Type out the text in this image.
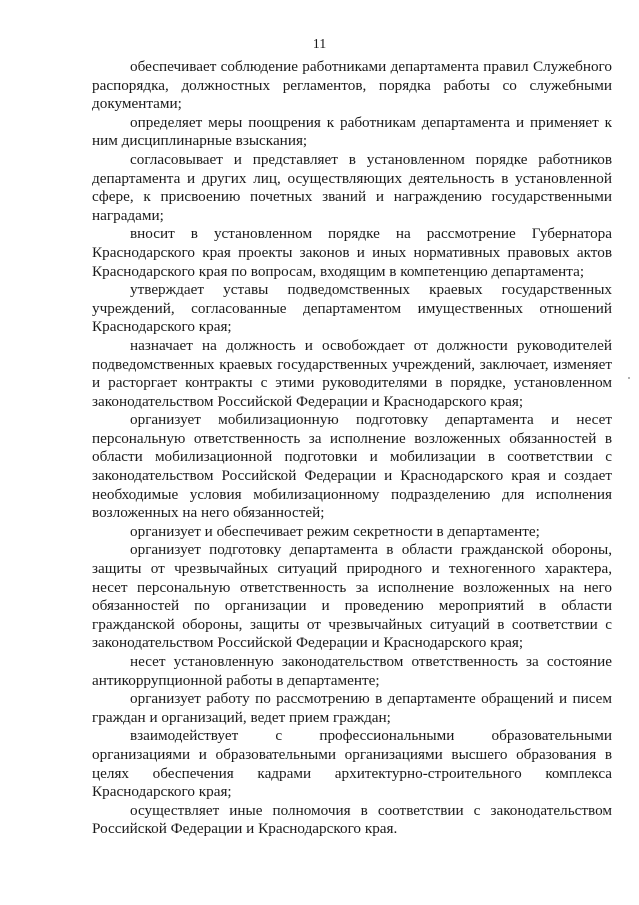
11

обеспечивает соблюдение работниками департамента правил Служебного распорядка, должностных регламентов, порядка работы со служебными документами;

определяет меры поощрения к работникам департамента и применяет к ним дисциплинарные взыскания;

согласовывает и представляет в установленном порядке работников департамента и других лиц, осуществляющих деятельность в установленной сфере, к присвоению почетных званий и награждению государственными наградами;

вносит в установленном порядке на рассмотрение Губернатора Краснодарского края проекты законов и иных нормативных правовых актов Краснодарского края по вопросам, входящим в компетенцию департамента;

утверждает уставы подведомственных краевых государственных учреждений, согласованные департаментом имущественных отношений Краснодарского края;

назначает на должность и освобождает от должности руководителей подведомственных краевых государственных учреждений, заключает, изменяет и расторгает контракты с этими руководителями в порядке, установленном законодательством Российской Федерации и Краснодарского края;

организует мобилизационную подготовку департамента и несет персональную ответственность за исполнение возложенных обязанностей в области мобилизационной подготовки и мобилизации в соответствии с законодательством Российской Федерации и Краснодарского края и создает необходимые условия мобилизационному подразделению для исполнения возложенных на него обязанностей;

организует и обеспечивает режим секретности в департаменте;

организует подготовку департамента в области гражданской обороны, защиты от чрезвычайных ситуаций природного и техногенного характера, несет персональную ответственность за исполнение возложенных на него обязанностей по организации и проведению мероприятий в области гражданской обороны, защиты от чрезвычайных ситуаций в соответствии с законодательством Российской Федерации и Краснодарского края;

несет установленную законодательством ответственность за состояние антикоррупционной работы в департаменте;

организует работу по рассмотрению в департаменте обращений и писем граждан и организаций, ведет прием граждан;

взаимодействует с профессиональными образовательными организациями и образовательными организациями высшего образования в целях обеспечения кадрами архитектурно-строительного комплекса Краснодарского края;

осуществляет иные полномочия в соответствии с законодательством Российской Федерации и Краснодарского края.
